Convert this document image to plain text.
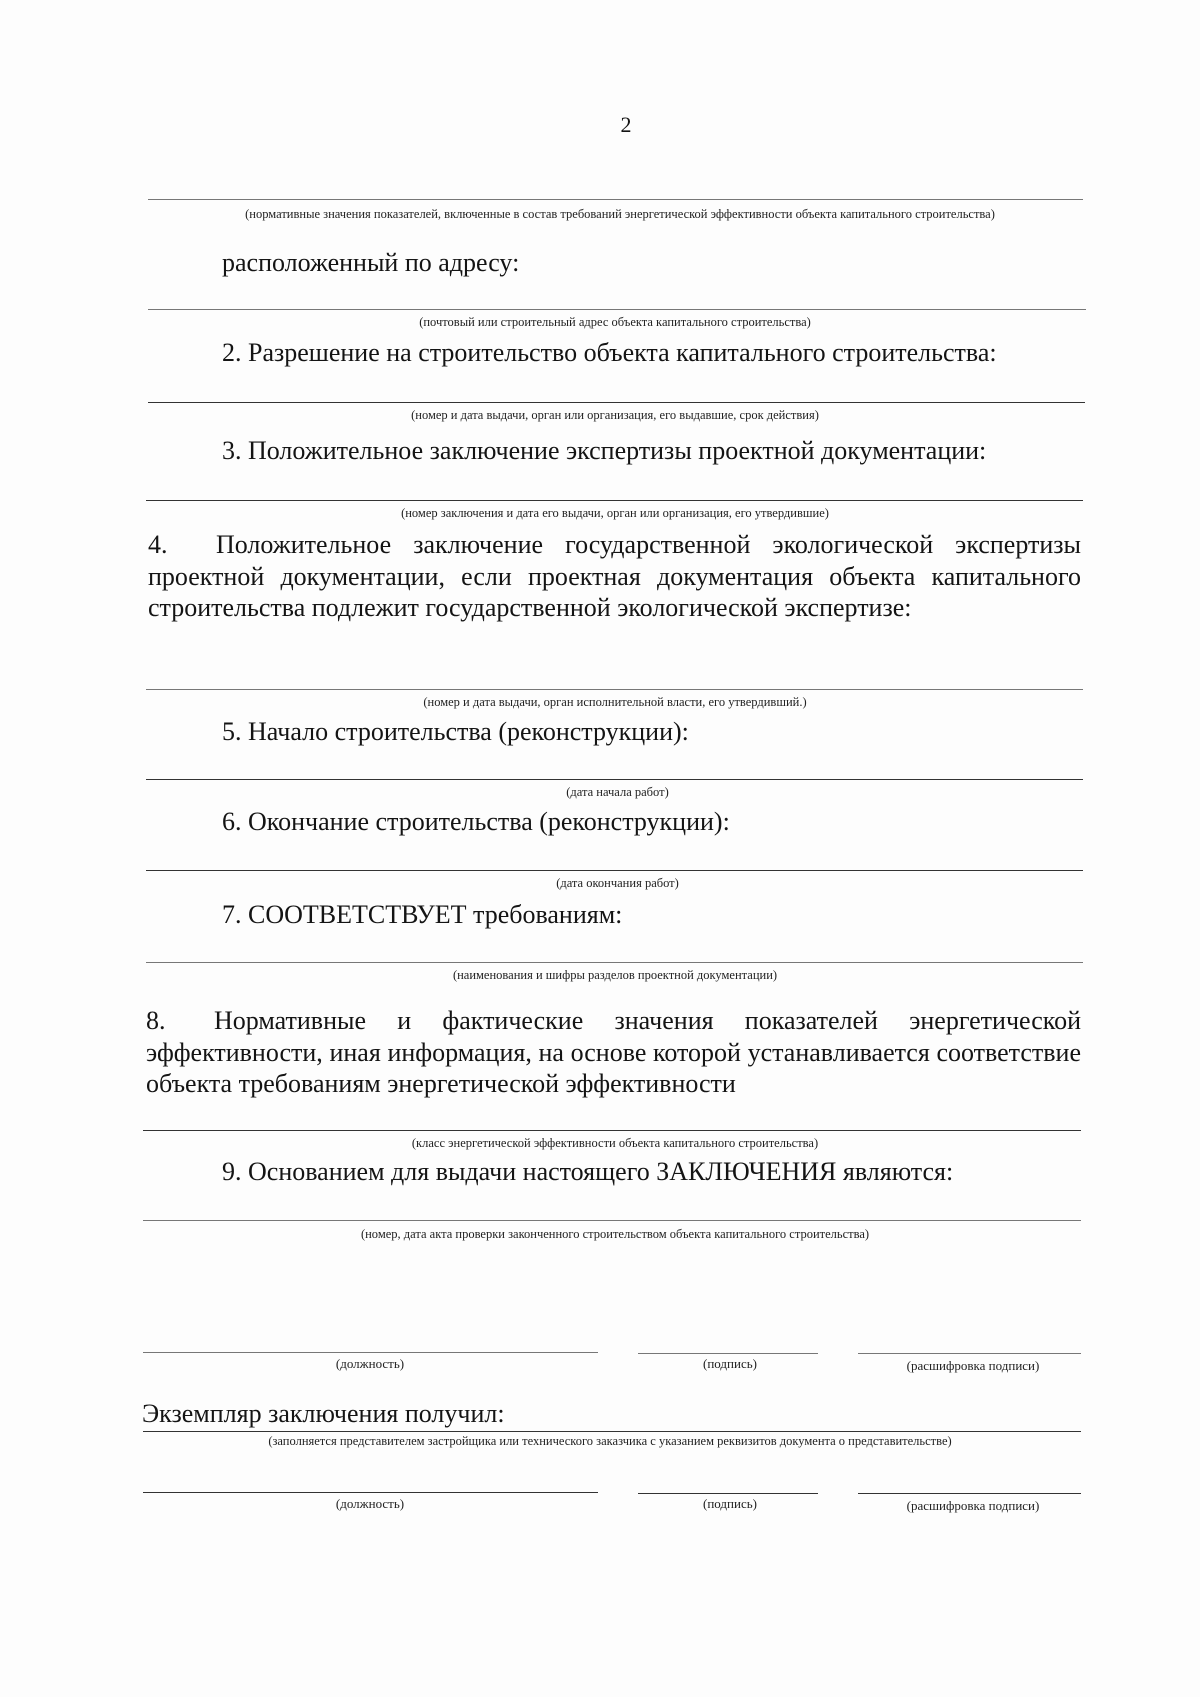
2
(нормативные значения показателей, включенные в состав требований энергетической эффективности объекта капитального строительства)
расположенный по адресу:
(почтовый или строительный адрес объекта капитального строительства)
2. Разрешение на строительство объекта капитального строительства:
(номер и дата выдачи, орган или организация, его выдавшие, срок действия)
3. Положительное заключение экспертизы проектной документации:
(номер заключения и дата его выдачи, орган или организация, его утвердившие)
4. Положительное заключение государственной экологической экспертизы проектной документации, если проектная документация объекта капитального строительства подлежит государственной экологической экспертизе:
(номер и дата выдачи, орган исполнительной власти, его утвердивший.)
5. Начало строительства (реконструкции):
(дата начала работ)
6. Окончание строительства (реконструкции):
(дата окончания работ)
7. СООТВЕТСТВУЕТ требованиям:
(наименования и шифры разделов проектной документации)
8. Нормативные и фактические значения показателей энергетической эффективности, иная информация, на основе которой устанавливается соответствие объекта требованиям энергетической эффективности
(класс энергетической эффективности объекта капитального строительства)
9. Основанием для выдачи настоящего ЗАКЛЮЧЕНИЯ являются:
(номер, дата акта проверки законченного строительством объекта капитального строительства)
(должность)	(подпись)	(расшифровка подписи)
Экземпляр заключения получил:
(заполняется представителем застройщика или технического заказчика с указанием реквизитов документа о представительстве)
(должность)	(подпись)	(расшифровка подписи)
